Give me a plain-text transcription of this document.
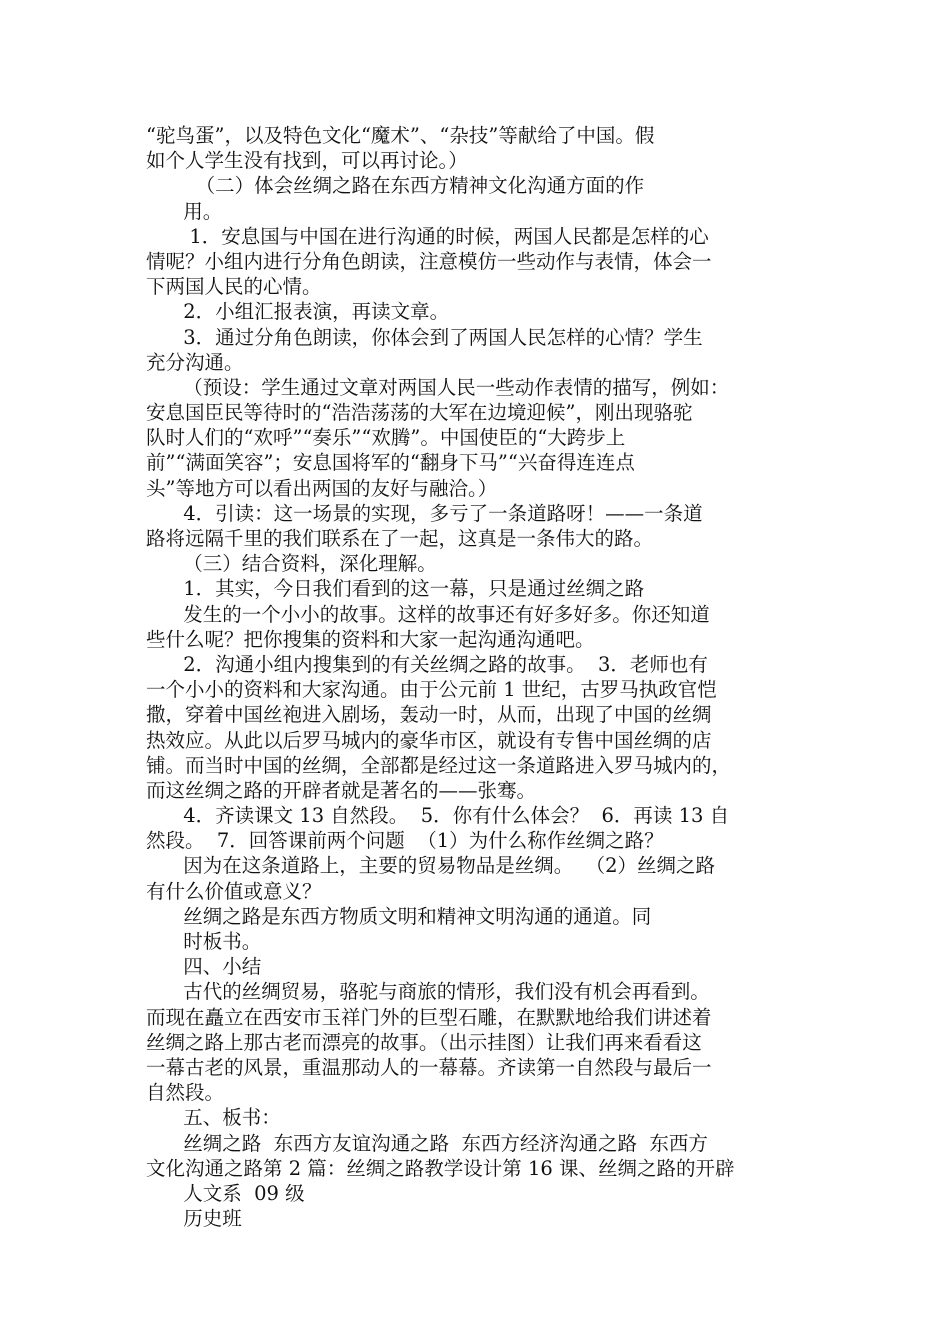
“驼鸟蛋”，以及特色文化“魔术”、“杂技”等献给了中国。假
如个人学生没有找到，可以再讨论。）
（二）体会丝绸之路在东西方精神文化沟通方面的作
用。
1．安息国与中国在进行沟通的时候，两国人民都是怎样的心
情呢？小组内进行分角色朗读，注意模仿一些动作与表情，体会一
下两国人民的心情。
2．小组汇报表演，再读文章。
3．通过分角色朗读，你体会到了两国人民怎样的心情？学生
充分沟通。
（预设：学生通过文章对两国人民一些动作表情的描写，例如：
安息国臣民等待时的“浩浩荡荡的大军在边境迎候”，刚出现骆驼
队时人们的“欢呼”“奏乐”“欢腾”。中国使臣的“大跨步上
前”“满面笑容”；安息国将军的“翻身下马”“兴奋得连连点
头”等地方可以看出两国的友好与融洽。）
4．引读：这一场景的实现，多亏了一条道路呀！——一条道
路将远隔千里的我们联系在了一起，这真是一条伟大的路。
（三）结合资料，深化理解。
1．其实，今日我们看到的这一幕，只是通过丝绸之路
发生的一个小小的故事。这样的故事还有好多好多。你还知道
些什么呢？把你搜集的资料和大家一起沟通沟通吧。
2．沟通小组内搜集到的有关丝绸之路的故事。  3．老师也有
一个小小的资料和大家沟通。由于公元前 1 世纪，古罗马执政官恺
撒，穿着中国丝袍进入剧场，轰动一时，从而，出现了中国的丝绸
热效应。从此以后罗马城内的豪华市区，就设有专售中国丝绸的店
铺。而当时中国的丝绸，全部都是经过这一条道路进入罗马城内的，
而这丝绸之路的开辟者就是著名的——张骞。
4．齐读课文 13 自然段。  5．你有什么体会？  6．再读 13 自
然段。  7．回答课前两个问题  （1）为什么称作丝绸之路？
因为在这条道路上，主要的贸易物品是丝绸。  （2）丝绸之路
有什么价值或意义？
丝绸之路是东西方物质文明和精神文明沟通的通道。同
时板书。
四、小结
古代的丝绸贸易，骆驼与商旅的情形，我们没有机会再看到。
而现在矗立在西安市玉祥门外的巨型石雕，在默默地给我们讲述着
丝绸之路上那古老而漂亮的故事。（出示挂图）让我们再来看看这
一幕古老的风景，重温那动人的一幕幕。齐读第一自然段与最后一
自然段。
五、板书：
丝绸之路  东西方友谊沟通之路  东西方经济沟通之路  东西方
文化沟通之路第 2 篇：丝绸之路教学设计第 16 课、丝绸之路的开辟
人文系  09 级
历史班
